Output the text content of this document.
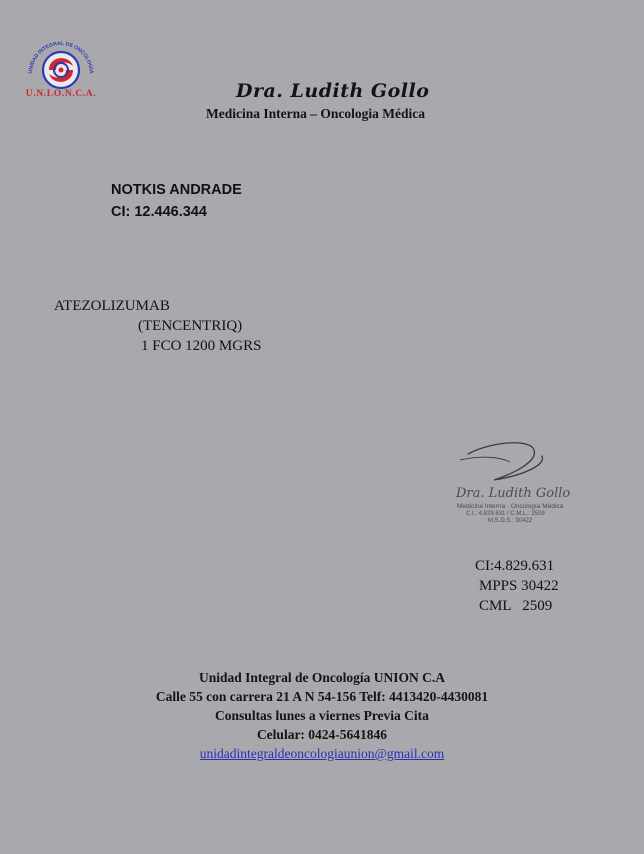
UNIDAD INTEGRAL DE ONCOLOGIA
U.N.I.O.N.C.A.	Dra. Ludith Gollo
Medicina Interna – Oncologia Médica
NOTKIS ANDRADE
CI: 12.446.344
ATEZOLIZUMAB
(TENCENTRIQ)
1 FCO 1200 MGRS
Dra. Ludith Gollo
Medicina Interna · Oncología Médica
C.I.: 4.829.631 / C.M.L.: 2509
M.S.D.S.: 30422
CI:4.829.631
MPPS 30422
CML   2509
Unidad Integral de Oncología UNION C.A
Calle 55 con carrera 21 A N 54-156 Telf: 4413420-4430081
Consultas lunes a viernes Previa Cita
Celular: 0424-5641846
unidadintegraldeoncologiaunion@gmail.com
